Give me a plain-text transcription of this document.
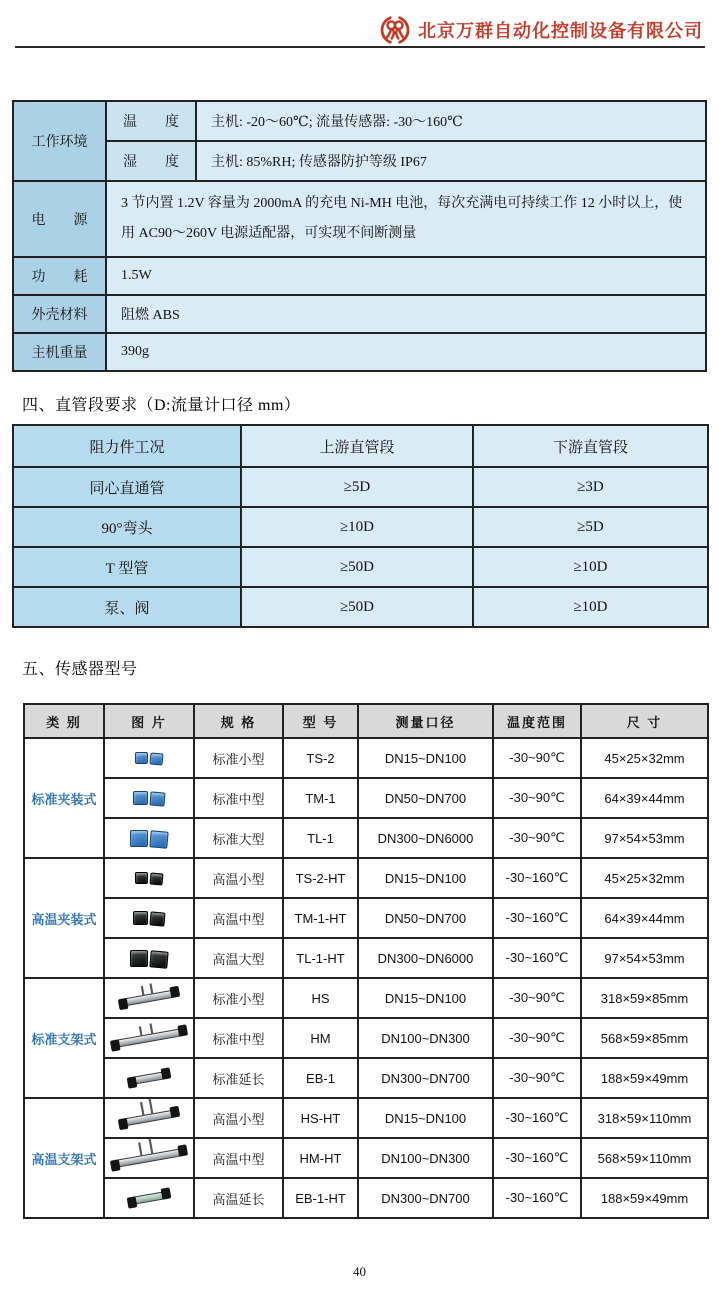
北京万群自动化控制设备有限公司
工作环境	温　　度	主机: -20～60℃; 流量传感器: -30～160℃
	湿　　度	主机: 85%RH; 传感器防护等级 IP67
电　　源	3 节内置 1.2V 容量为 2000mA 的充电 Ni-MH 电池，每次充满电可持续工作 12 小时以上，使用 AC90～260V 电源适配器，可实现不间断测量	
功　　耗	1.5W	
外壳材料	阻燃 ABS	
主机重量	390g	
四、直管段要求（D:流量计口径 mm）
阻力件工况	上游直管段	下游直管段
同心直通管	≥5D	≥3D
90°弯头	≥10D	≥5D
T 型管	≥50D	≥10D
泵、阀	≥50D	≥10D
五、传感器型号
类 别	图 片	规 格	型 号	测量口径	温度范围	尺 寸
标准夹装式		标准小型	TS-2	DN15~DN100	-30~90℃	45×25×32mm

		标准中型	TM-1	DN50~DN700	-30~90℃	64×39×44mm

		标准大型	TL-1	DN300~DN6000	-30~90℃	97×54×53mm
高温夹装式		高温小型	TS-2-HT	DN15~DN100	-30~160℃	45×25×32mm

		高温中型	TM-1-HT	DN50~DN700	-30~160℃	64×39×44mm

		高温大型	TL-1-HT	DN300~DN6000	-30~160℃	97×54×53mm
标准支架式		标准小型	HS	DN15~DN100	-30~90℃	318×59×85mm

		标准中型	HM	DN100~DN300	-30~90℃	568×59×85mm

		标准延长	EB-1	DN300~DN700	-30~90℃	188×59×49mm
高温支架式		高温小型	HS-HT	DN15~DN100	-30~160℃	318×59×110mm

		高温中型	HM-HT	DN100~DN300	-30~160℃	568×59×110mm

		高温延长	EB-1-HT	DN300~DN700	-30~160℃	188×59×49mm
40
